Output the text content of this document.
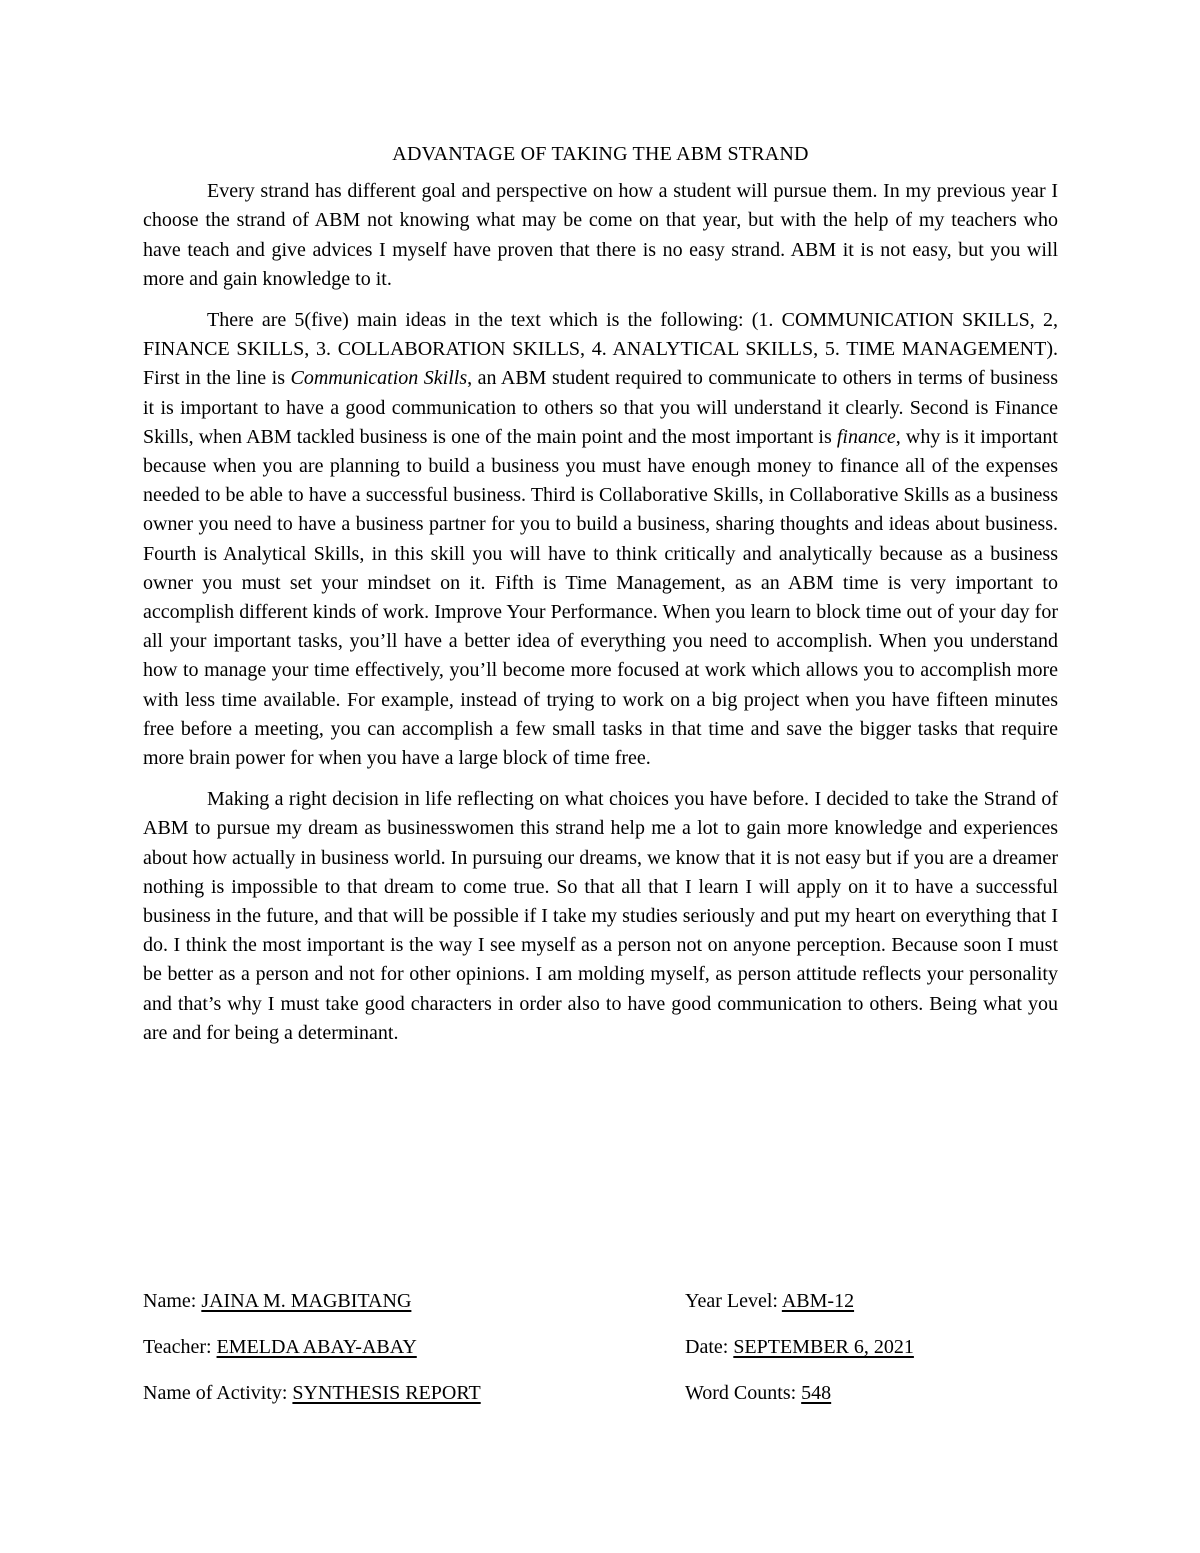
ADVANTAGE OF TAKING THE ABM STRAND

Every strand has different goal and perspective on how a student will pursue them. In my previous year I choose the strand of ABM not knowing what may be come on that year, but with the help of my teachers who have teach and give advices I myself have proven that there is no easy strand. ABM it is not easy, but you will more and gain knowledge to it.

There are 5(five) main ideas in the text which is the following: (1. COMMUNICATION SKILLS, 2, FINANCE SKILLS, 3. COLLABORATION SKILLS, 4. ANALYTICAL SKILLS, 5. TIME MANAGEMENT). First in the line is Communication Skills, an ABM student required to communicate to others in terms of business it is important to have a good communication to others so that you will understand it clearly. Second is Finance Skills, when ABM tackled business is one of the main point and the most important is finance, why is it important because when you are planning to build a business you must have enough money to finance all of the expenses needed to be able to have a successful business. Third is Collaborative Skills, in Collaborative Skills as a business owner you need to have a business partner for you to build a business, sharing thoughts and ideas about business. Fourth is Analytical Skills, in this skill you will have to think critically and analytically because as a business owner you must set your mindset on it. Fifth is Time Management, as an ABM time is very important to accomplish different kinds of work. Improve Your Performance. When you learn to block time out of your day for all your important tasks, you’ll have a better idea of everything you need to accomplish. When you understand how to manage your time effectively, you’ll become more focused at work which allows you to accomplish more with less time available. For example, instead of trying to work on a big project when you have fifteen minutes free before a meeting, you can accomplish a few small tasks in that time and save the bigger tasks that require more brain power for when you have a large block of time free.

Making a right decision in life reflecting on what choices you have before. I decided to take the Strand of ABM to pursue my dream as businesswomen this strand help me a lot to gain more knowledge and experiences about how actually in business world. In pursuing our dreams, we know that it is not easy but if you are a dreamer nothing is impossible to that dream to come true. So that all that I learn I will apply on it to have a successful business in the future, and that will be possible if I take my studies seriously and put my heart on everything that I do. I think the most important is the way I see myself as a person not on anyone perception. Because soon I must be better as a person and not for other opinions. I am molding myself, as person attitude reflects your personality and that’s why I must take good characters in order also to have good communication to others. Being what you are and for being a determinant.

Name: JAINA M. MAGBITANG	Year Level: ABM-12
Teacher: EMELDA ABAY-ABAY	Date: SEPTEMBER 6, 2021
Name of Activity: SYNTHESIS REPORT	Word Counts: 548
